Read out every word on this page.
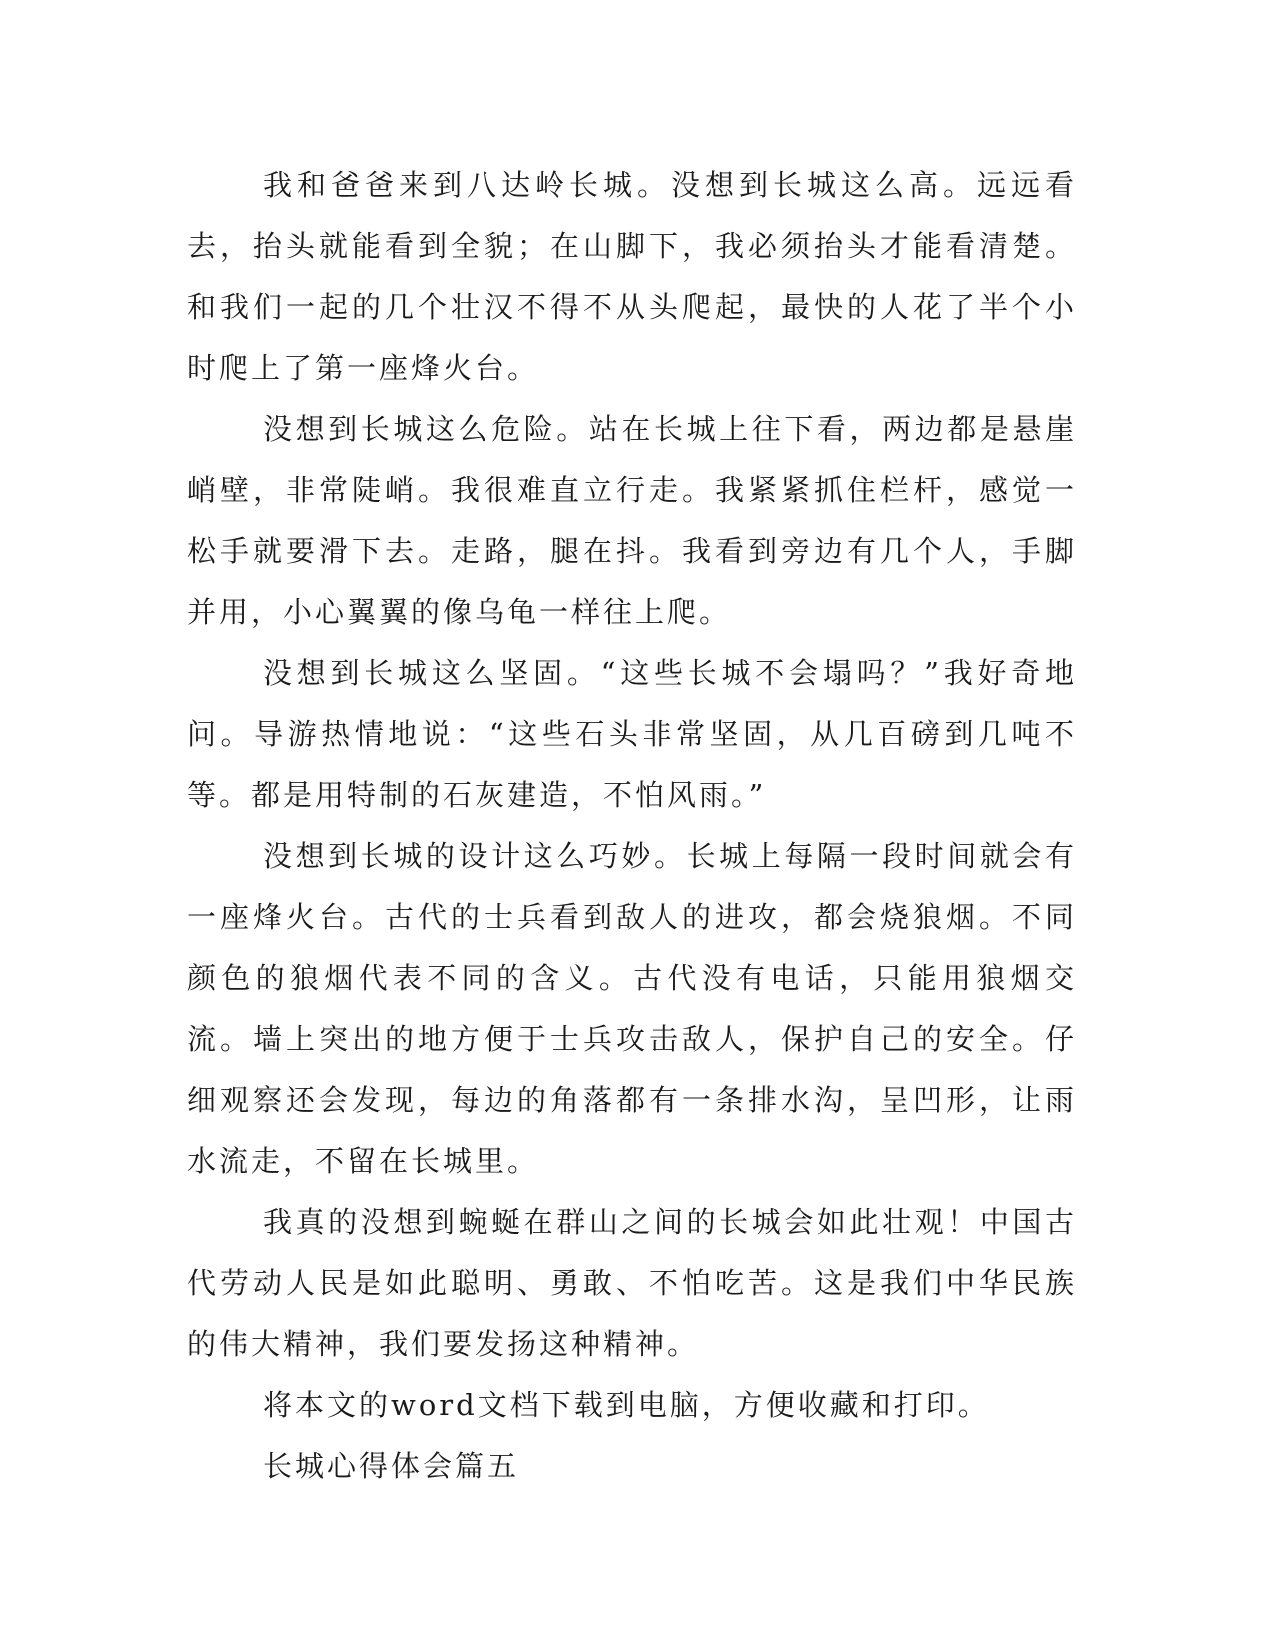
我和爸爸来到八达岭长城。没想到长城这么高。远远看去，抬头就能看到全貌；在山脚下，我必须抬头才能看清楚。和我们一起的几个壮汉不得不从头爬起，最快的人花了半个小时爬上了第一座烽火台。

没想到长城这么危险。站在长城上往下看，两边都是悬崖峭壁，非常陡峭。我很难直立行走。我紧紧抓住栏杆，感觉一松手就要滑下去。走路，腿在抖。我看到旁边有几个人，手脚并用，小心翼翼的像乌龟一样往上爬。

没想到长城这么坚固。“这些长城不会塌吗？”我好奇地问。导游热情地说：“这些石头非常坚固，从几百磅到几吨不等。都是用特制的石灰建造，不怕风雨。”

没想到长城的设计这么巧妙。长城上每隔一段时间就会有一座烽火台。古代的士兵看到敌人的进攻，都会烧狼烟。不同颜色的狼烟代表不同的含义。古代没有电话，只能用狼烟交流。墙上突出的地方便于士兵攻击敌人，保护自己的安全。仔细观察还会发现，每边的角落都有一条排水沟，呈凹形，让雨水流走，不留在长城里。

我真的没想到蜿蜒在群山之间的长城会如此壮观！中国古代劳动人民是如此聪明、勇敢、不怕吃苦。这是我们中华民族的伟大精神，我们要发扬这种精神。

将本文的word文档下载到电脑，方便收藏和打印。

长城心得体会篇五
